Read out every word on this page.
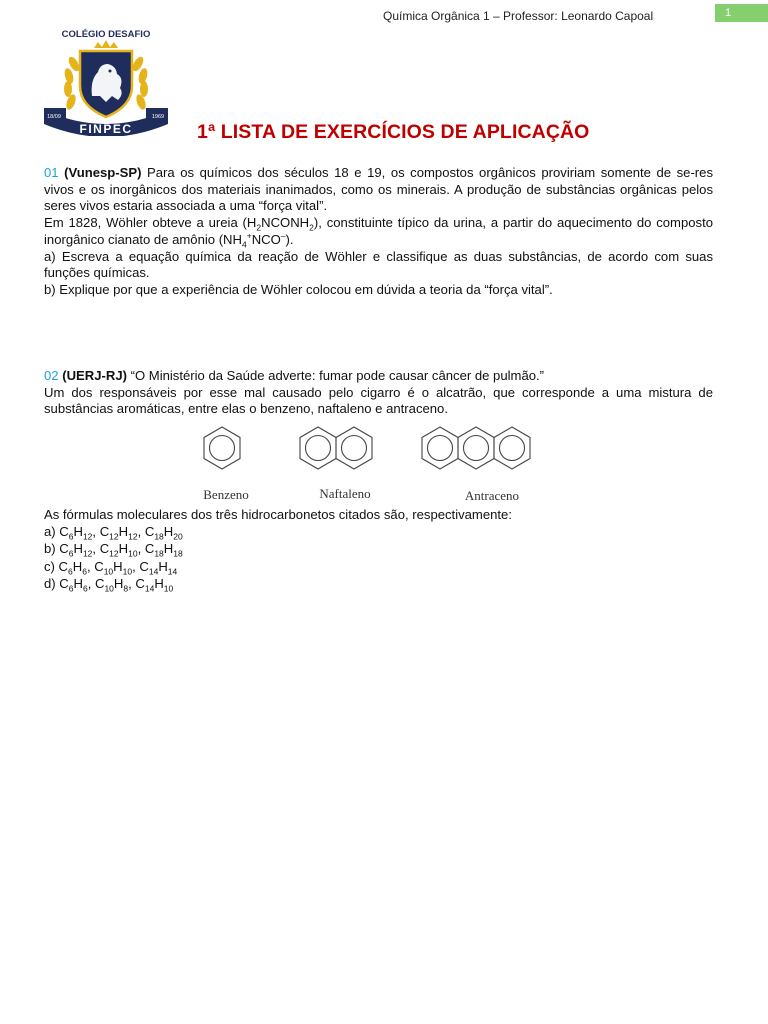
Química Orgânica 1 – Professor: Leonardo Capoal	1
COLÉGIO DESAFIO
18/09	1969
FINPEC	1ª LISTA DE EXERCÍCIOS DE APLICAÇÃO

01 (Vunesp-SP) Para os químicos dos séculos 18 e 19, os compostos orgânicos proviriam somente de se-res vivos e os inorgânicos dos materiais inanimados, como os minerais. A produção de substâncias orgânicas pelos seres vivos estaria associada a uma “força vital”.

Em 1828, Wöhler obteve a ureia $(H_2NCONH_2)$, constituinte típico da urina, a partir do aquecimento do composto inorgânico cianato de amônio $(NH_4^+NCO^-)$.

a) Escreva a equação química da reação de Wöhler e classifique as duas substâncias, de acordo com suas funções químicas.

b) Explique por que a experiência de Wöhler colocou em dúvida a teoria da “força vital”.

02 (UERJ-RJ) “O Ministério da Saúde adverte: fumar pode causar câncer de pulmão.”

Um dos responsáveis por esse mal causado pelo cigarro é o alcatrão, que corresponde a uma mistura de substâncias aromáticas, entre elas o benzeno, naftaleno e antraceno.

Benzeno	Naftaleno	Antraceno
As fórmulas moleculares dos três hidrocarbonetos citados são, respectivamente:
a) $C_6H_{12}$, $C_{12}H_{12}$, $C_{18}H_{20}$
b) $C_6H_{12}$, $C_{12}H_{10}$, $C_{18}H_{18}$
c) $C_6H_6$, $C_{10}H_{10}$, $C_{14}H_{14}$
d) $C_6H_6$, $C_{10}H_8$, $C_{14}H_{10}$
